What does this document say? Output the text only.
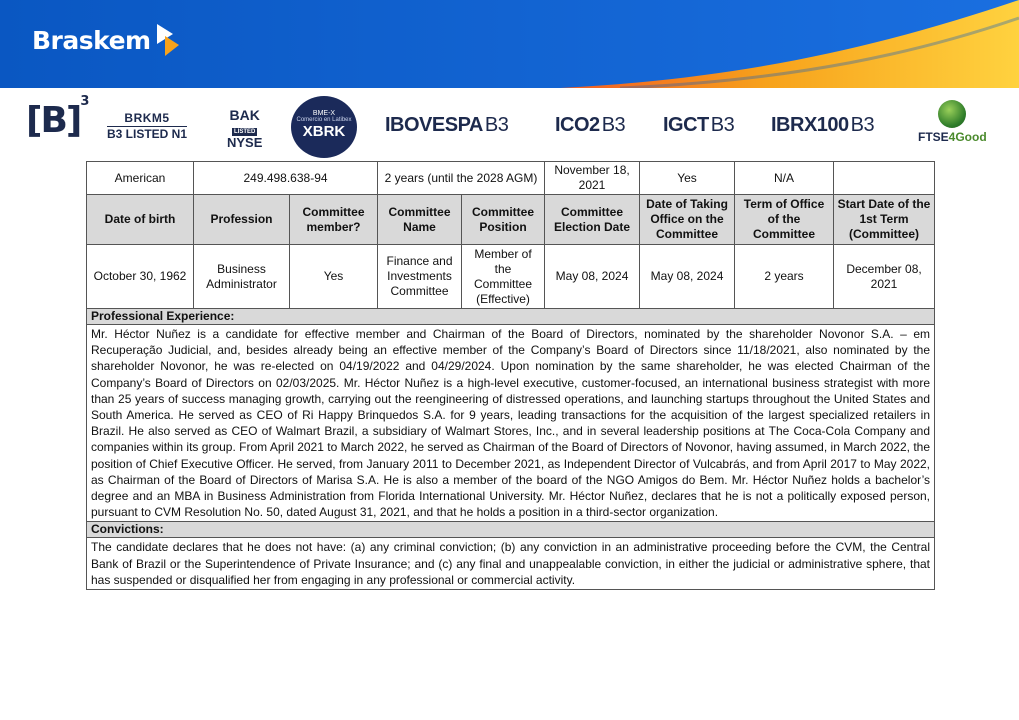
Braskem
$[B]^3$
BRKM5
B3 LISTED N1
BAK
LISTED
NYSE
BME-X
Comercio en Latibex
XBRK	IBOVESPA B3 ICO2 B3 IGCT B3 IBRX100 B3
FTSE4Good
American	249.498.638-94		2 years (until the 2028 AGM)		November 18, 2021	Yes	N/A	
Date of birth	Profession	Committee member?	Committee Name	Committee Position	Committee Election Date	Date of Taking Office on the Committee	Term of Office of the Committee	Start Date of the 1st Term (Committee)
October 30, 1962	Business Administrator	Yes	Finance and Investments Committee	Member of the Committee (Effective)	May 08, 2024	May 08, 2024	2 years	December 08, 2021
Professional Experience:								
Mr. Héctor Nuñez is a candidate for effective member and Chairman of the Board of Directors, nominated by the shareholder Novonor S.A. – em Recuperação Judicial, and, besides already being an effective member of the Company’s Board of Directors since 11/18/2021, also nominated by the shareholder Novonor, he was re-elected on 04/19/2022 and 04/29/2024. Upon nomination by the same shareholder, he was elected Chairman of the Company’s Board of Directors on 02/03/2025. Mr. Héctor Nuñez is a high-level executive, customer-focused, an international business strategist with more than 25 years of success managing growth, carrying out the reengineering of distressed operations, and launching startups throughout the United States and South America. He served as CEO of Ri Happy Brinquedos S.A. for 9 years, leading transactions for the acquisition of the largest specialized retailers in Brazil. He also served as CEO of Walmart Brazil, a subsidiary of Walmart Stores, Inc., and in several leadership positions at The Coca-Cola Company and companies within its group. From April 2021 to March 2022, he served as Chairman of the Board of Directors of Novonor, having assumed, in March 2022, the position of Chief Executive Officer. He served, from January 2011 to December 2021, as Independent Director of Vulcabrás, and from April 2017 to May 2022, as Chairman of the Board of Directors of Marisa S.A. He is also a member of the board of the NGO Amigos do Bem. Mr. Héctor Nuñez holds a bachelor’s degree and an MBA in Business Administration from Florida International University. Mr. Héctor Nuñez, declares that he is not a politically exposed person, pursuant to CVM Resolution No. 50, dated August 31, 2021, and that he holds a position in a third-sector organization.								
Convictions:								
The candidate declares that he does not have: (a) any criminal conviction; (b) any conviction in an administrative proceeding before the CVM, the Central Bank of Brazil or the Superintendence of Private Insurance; and (c) any final and unappealable conviction, in either the judicial or administrative sphere, that has suspended or disqualified her from engaging in any professional or commercial activity.								
